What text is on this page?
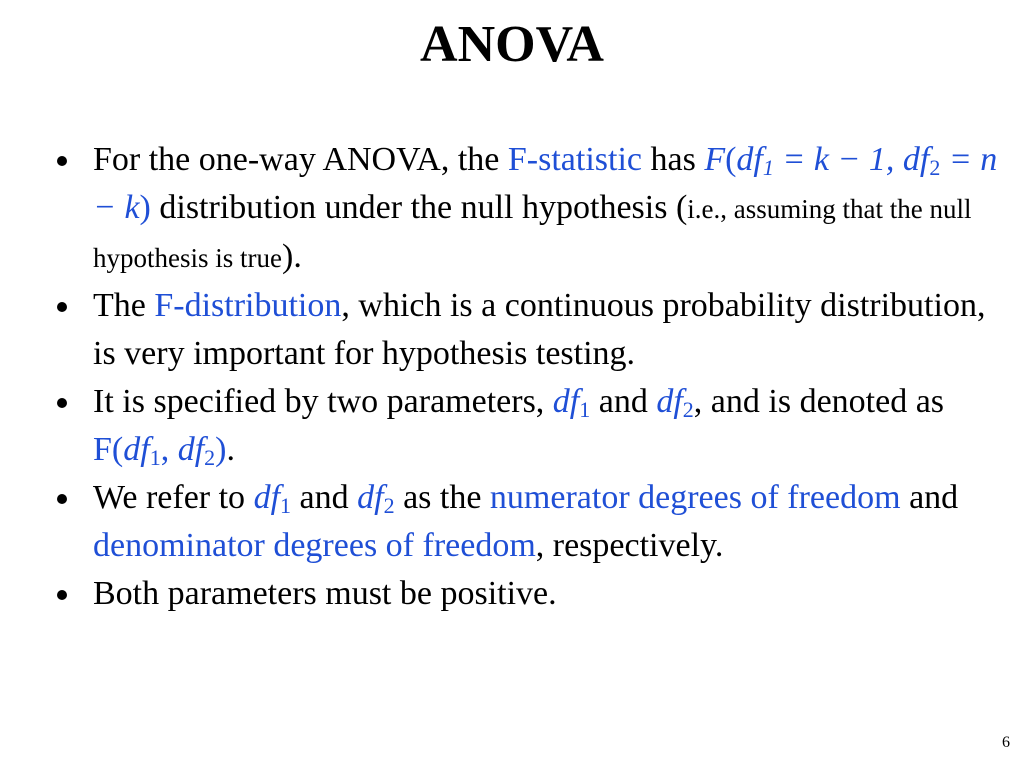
ANOVA
For the one-way ANOVA, the F-statistic has $F(df_1 = k - 1$, $df_2 = n - k$) distribution under the null hypothesis (i.e., assuming that the null hypothesis is true).
The F-distribution, which is a continuous probability distribution, is very important for hypothesis testing.
It is specified by two parameters, $df_1$ and $df_2$, and is denoted as $F(df_1$, $df_2$).
We refer to $df_1$ and $df_2$ as the numerator degrees of freedom and denominator degrees of freedom, respectively.
Both parameters must be positive.
6
